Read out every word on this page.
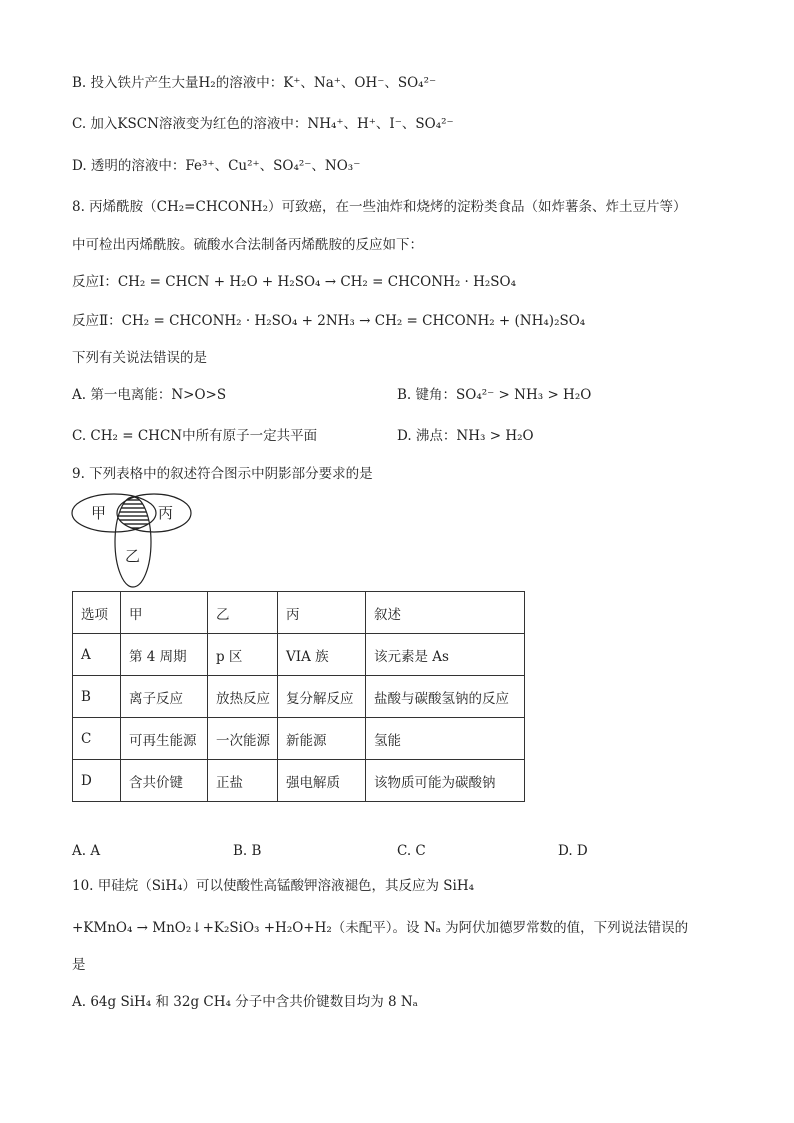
B. 投入铁片产生大量H₂的溶液中：K⁺、Na⁺、OH⁻、SO₄²⁻
C. 加入KSCN溶液变为红色的溶液中：NH₄⁺、H⁺、I⁻、SO₄²⁻
D. 透明的溶液中：Fe³⁺、Cu²⁺、SO₄²⁻、NO₃⁻
8. 丙烯酰胺（CH₂=CHCONH₂）可致癌，在一些油炸和烧烤的淀粉类食品（如炸薯条、炸土豆片等）
中可检出丙烯酰胺。硫酸水合法制备丙烯酰胺的反应如下：
反应Ⅰ：CH₂ = CHCN + H₂O + H₂SO₄ → CH₂ = CHCONH₂ · H₂SO₄
反应Ⅱ：CH₂ = CHCONH₂ · H₂SO₄ + 2NH₃ → CH₂ = CHCONH₂ + (NH₄)₂SO₄
下列有关说法错误的是
A. 第一电离能：N>O>S	B. 键角：SO₄²⁻ > NH₃ > H₂O
C. CH₂ = CHCN中所有原子一定共平面	D. 沸点：NH₃ > H₂O
9. 下列表格中的叙述符合图示中阴影部分要求的是
甲	丙
乙
选项	甲	乙	丙	叙述
A	第 4 周期	p 区	VIA 族	该元素是 As
B	离子反应	放热反应	复分解反应	盐酸与碳酸氢钠的反应
C	可再生能源	一次能源	新能源	氢能
D	含共价键	正盐	强电解质	该物质可能为碳酸钠
A. A	B. B	C. C	D. D
10. 甲硅烷（SiH₄）可以使酸性高锰酸钾溶液褪色，其反应为 SiH₄
+KMnO₄ → MnO₂↓+K₂SiO₃ +H₂O+H₂（未配平）。设 Nₐ 为阿伏加德罗常数的值，下列说法错误的
是
A. 64g SiH₄ 和 32g CH₄ 分子中含共价键数目均为 8 Nₐ
